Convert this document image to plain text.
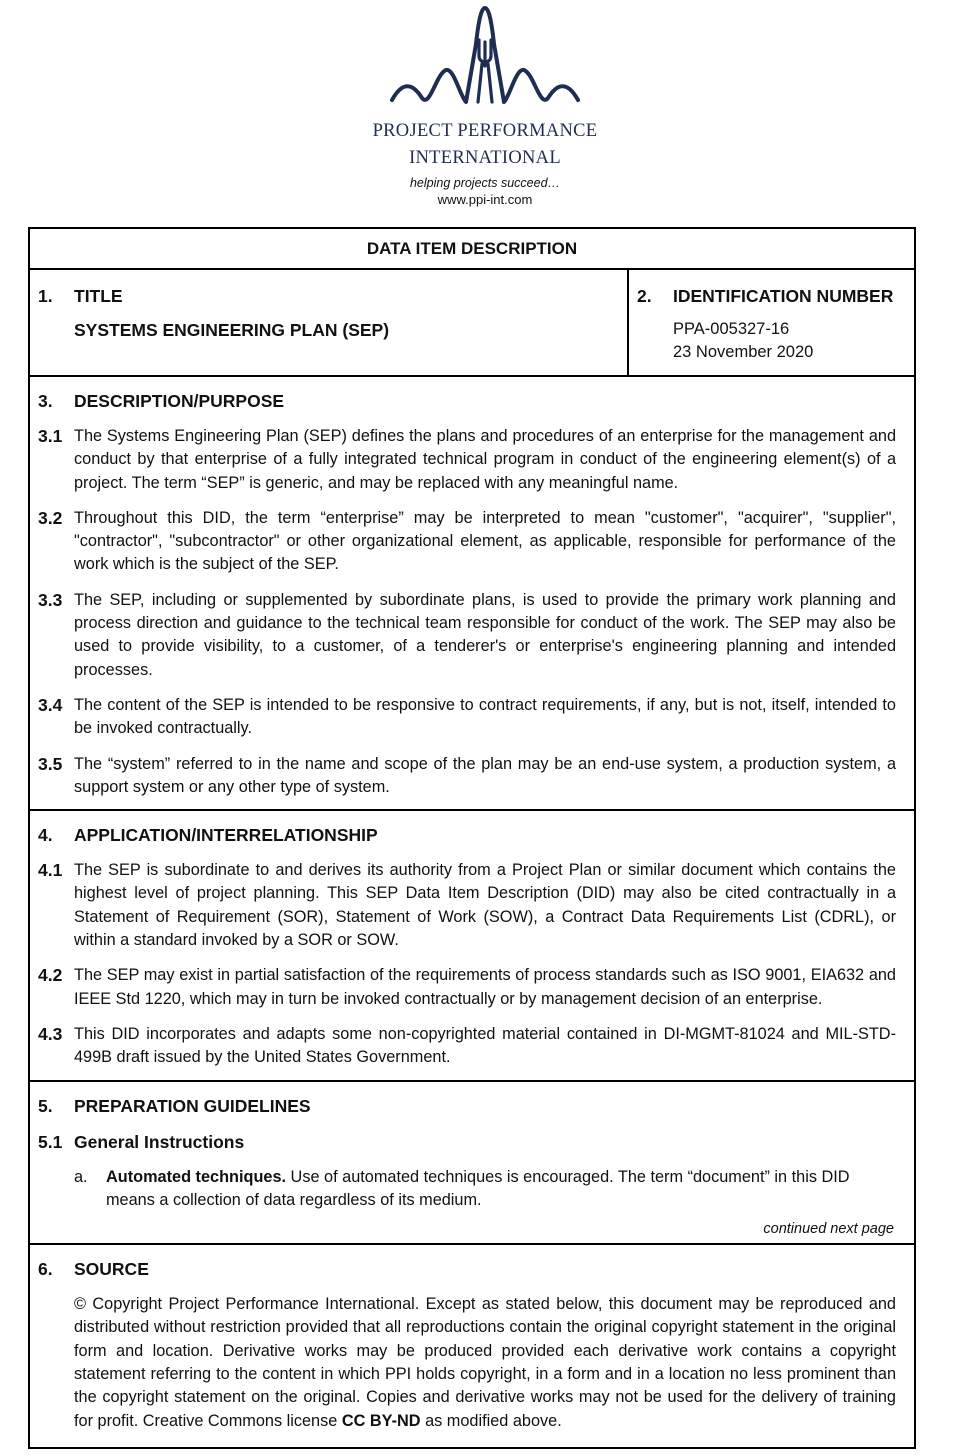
PROJECT PERFORMANCE
INTERNATIONAL
helping projects succeed…
www.ppi-int.com
DATA ITEM DESCRIPTION
1.	TITLE
SYSTEMS ENGINEERING PLAN (SEP)
2.	IDENTIFICATION NUMBER
PPA-005327-16
23 November 2020
3.	DESCRIPTION/PURPOSE
3.1 The Systems Engineering Plan (SEP) defines the plans and procedures of an enterprise for the management and conduct by that enterprise of a fully integrated technical program in conduct of the engineering element(s) of a project. The term “SEP” is generic, and may be replaced with any meaningful name.
3.2 Throughout this DID, the term “enterprise” may be interpreted to mean "customer", "acquirer", "supplier", "contractor", "subcontractor" or other organizational element, as applicable, responsible for performance of the work which is the subject of the SEP.
3.3 The SEP, including or supplemented by subordinate plans, is used to provide the primary work planning and process direction and guidance to the technical team responsible for conduct of the work. The SEP may also be used to provide visibility, to a customer, of a tenderer's or enterprise's engineering planning and intended processes.
3.4 The content of the SEP is intended to be responsive to contract requirements, if any, but is not, itself, intended to be invoked contractually.
3.5 The “system” referred to in the name and scope of the plan may be an end-use system, a production system, a support system or any other type of system.
4.	APPLICATION/INTERRELATIONSHIP
4.1 The SEP is subordinate to and derives its authority from a Project Plan or similar document which contains the highest level of project planning. This SEP Data Item Description (DID) may also be cited contractually in a Statement of Requirement (SOR), Statement of Work (SOW), a Contract Data Requirements List (CDRL), or within a standard invoked by a SOR or SOW.
4.2 The SEP may exist in partial satisfaction of the requirements of process standards such as ISO 9001, EIA632 and IEEE Std 1220, which may in turn be invoked contractually or by management decision of an enterprise.
4.3 This DID incorporates and adapts some non-copyrighted material contained in DI-MGMT-81024 and MIL-STD-499B draft issued by the United States Government.
5.	PREPARATION GUIDELINES
5.1 General Instructions
a.	Automated techniques. Use of automated techniques is encouraged. The term “document” in this DID means a collection of data regardless of its medium.
continued next page
6.	SOURCE
© Copyright Project Performance International. Except as stated below, this document may be reproduced and distributed without restriction provided that all reproductions contain the original copyright statement in the original form and location. Derivative works may be produced provided each derivative work contains a copyright statement referring to the content in which PPI holds copyright, in a form and in a location no less prominent than the copyright statement on the original. Copies and derivative works may not be used for the delivery of training for profit. Creative Commons license CC BY-ND as modified above.
